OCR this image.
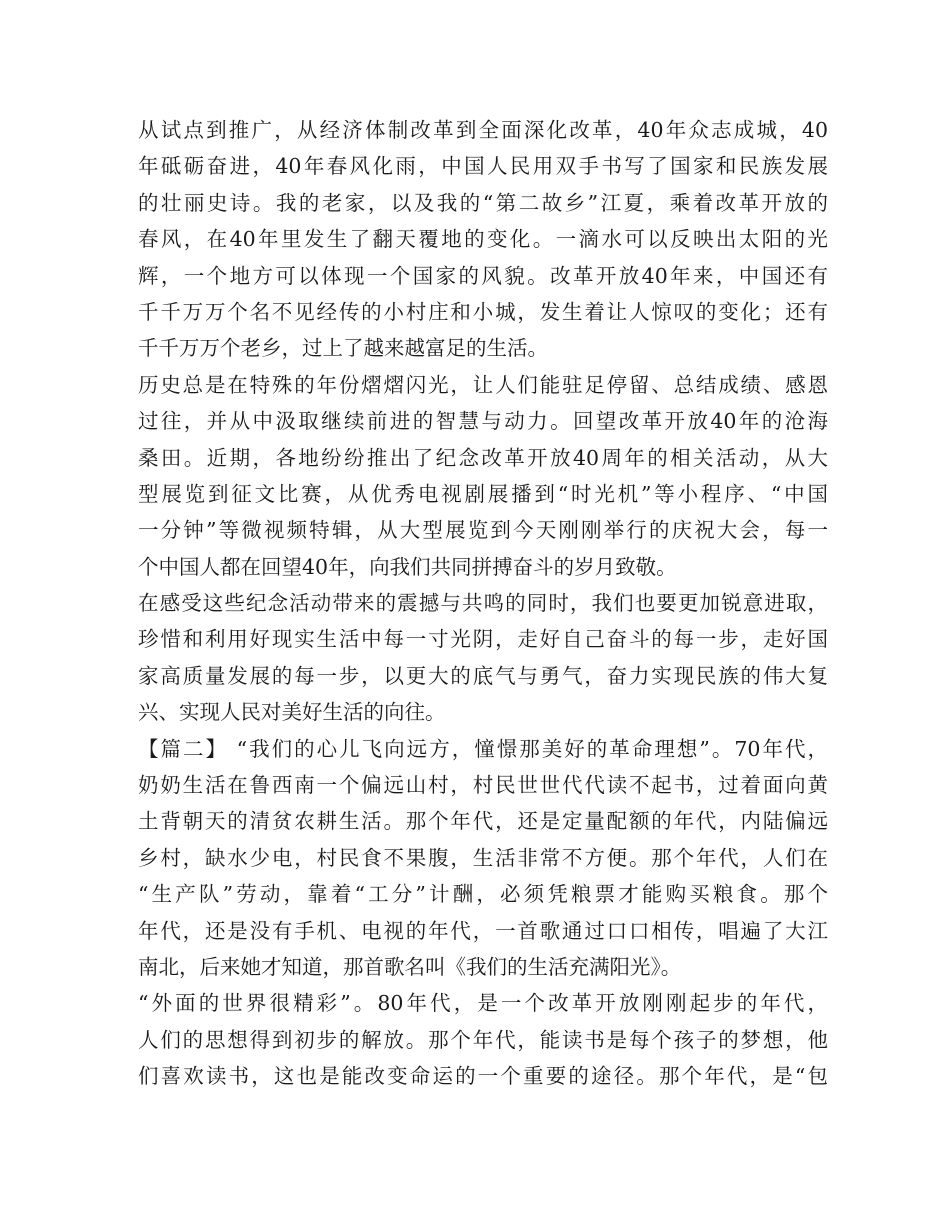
从试点到推广，从经济体制改革到全面深化改革，40年众志成城，40
年砥砺奋进，40年春风化雨，中国人民用双手书写了国家和民族发展
的壮丽史诗。我的老家，以及我的“第二故乡”江夏，乘着改革开放的
春风，在40年里发生了翻天覆地的变化。一滴水可以反映出太阳的光
辉，一个地方可以体现一个国家的风貌。改革开放40年来，中国还有
千千万万个名不见经传的小村庄和小城，发生着让人惊叹的变化；还有
千千万万个老乡，过上了越来越富足的生活。
历史总是在特殊的年份熠熠闪光，让人们能驻足停留、总结成绩、感恩
过往，并从中汲取继续前进的智慧与动力。回望改革开放40年的沧海
桑田。近期，各地纷纷推出了纪念改革开放40周年的相关活动，从大
型展览到征文比赛，从优秀电视剧展播到“时光机”等小程序、“中国
一分钟”等微视频特辑，从大型展览到今天刚刚举行的庆祝大会，每一
个中国人都在回望40年，向我们共同拼搏奋斗的岁月致敬。
在感受这些纪念活动带来的震撼与共鸣的同时，我们也要更加锐意进取，
珍惜和利用好现实生活中每一寸光阴，走好自己奋斗的每一步，走好国
家高质量发展的每一步，以更大的底气与勇气，奋力实现民族的伟大复
兴、实现人民对美好生活的向往。
【篇二】 “我们的心儿飞向远方，憧憬那美好的革命理想”。70年代，
奶奶生活在鲁西南一个偏远山村，村民世世代代读不起书，过着面向黄
土背朝天的清贫农耕生活。那个年代，还是定量配额的年代，内陆偏远
乡村，缺水少电，村民食不果腹，生活非常不方便。那个年代，人们在
“生产队”劳动，靠着“工分”计酬，必须凭粮票才能购买粮食。那个
年代，还是没有手机、电视的年代，一首歌通过口口相传，唱遍了大江
南北，后来她才知道，那首歌名叫《我们的生活充满阳光》。
“外面的世界很精彩”。80年代，是一个改革开放刚刚起步的年代，
人们的思想得到初步的解放。那个年代，能读书是每个孩子的梦想，他
们喜欢读书，这也是能改变命运的一个重要的途径。那个年代，是“包
